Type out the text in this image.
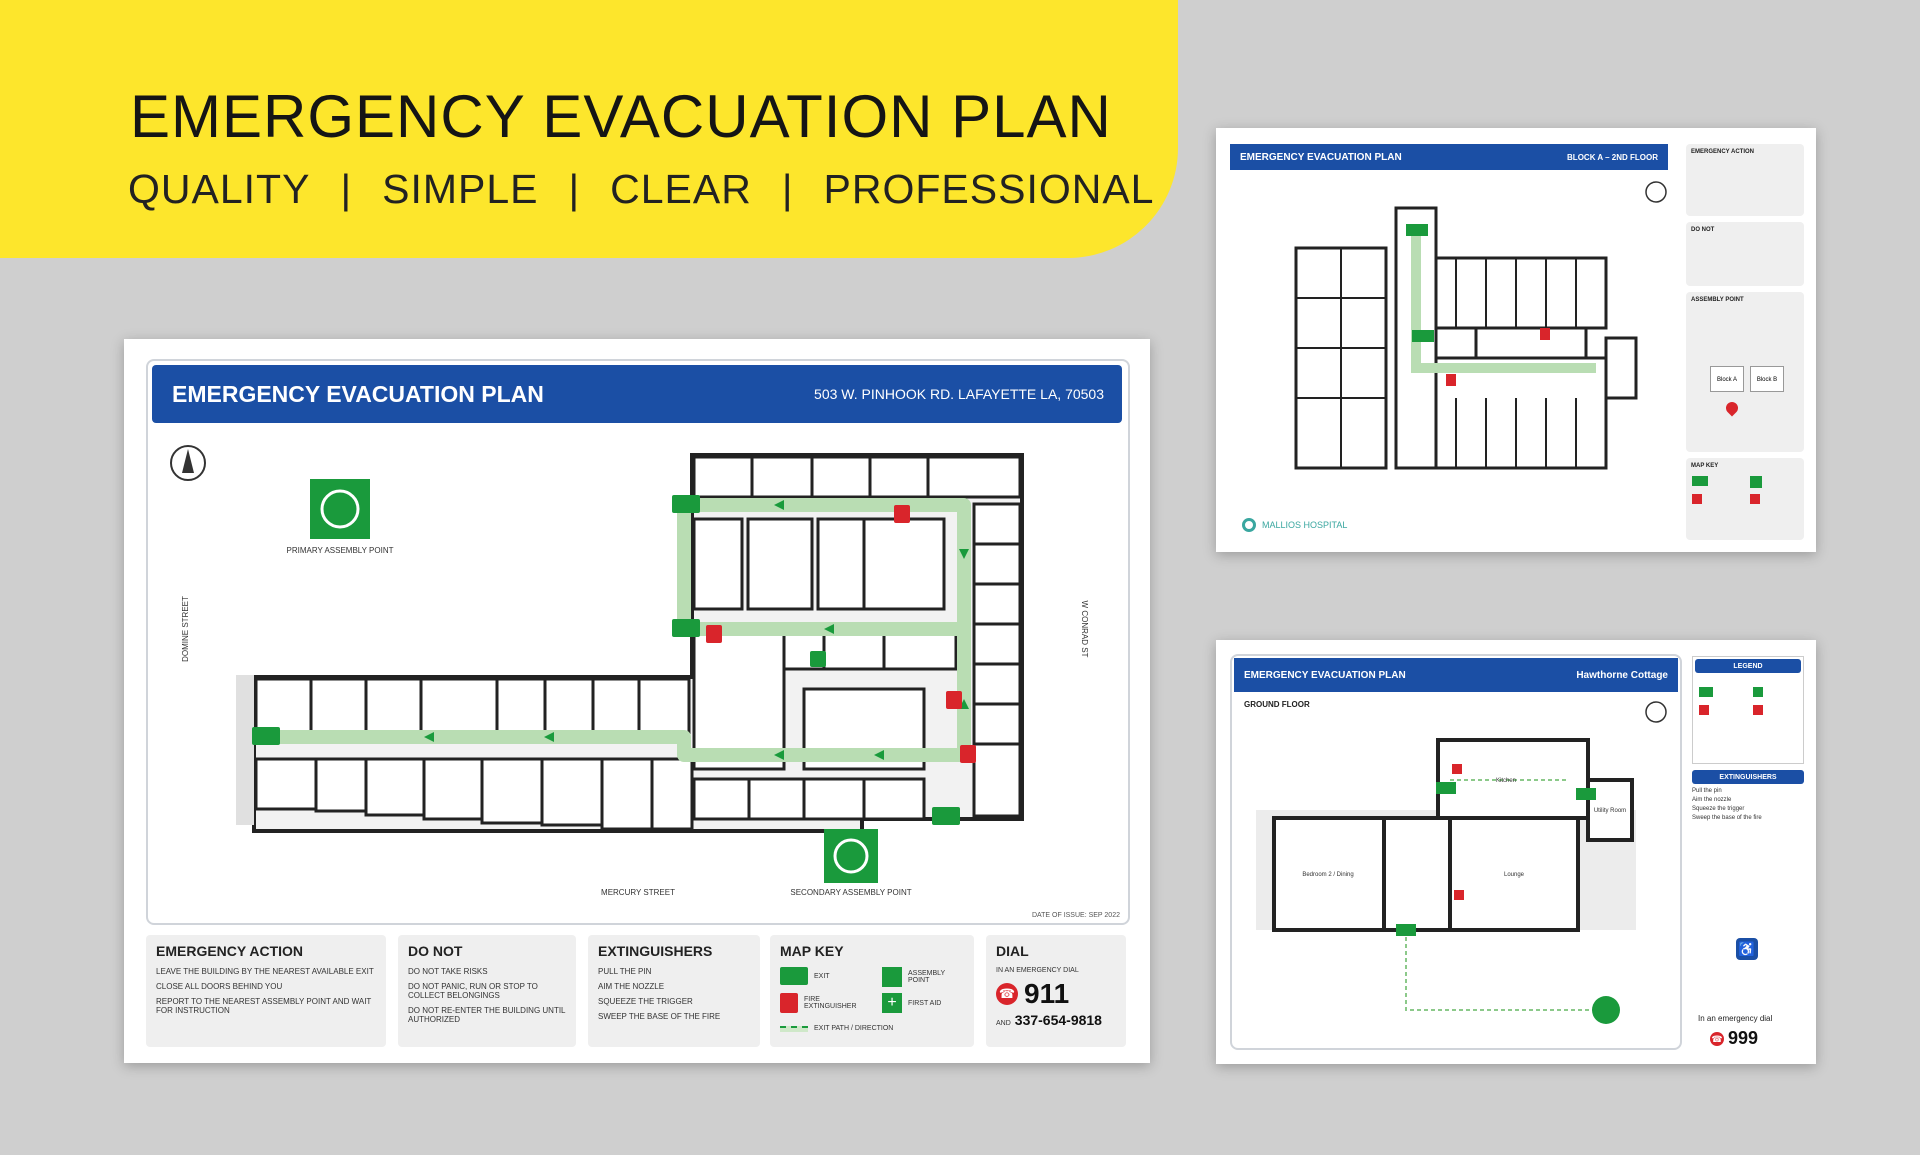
EMERGENCY EVACUATION PLAN
QUALITY | SIMPLE | CLEAR | PROFESSIONAL
EMERGENCY EVACUATION PLAN	503 W. PINHOOK RD. LAFAYETTE LA, 70503
PRIMARY ASSEMBLY POINT
SECONDARY ASSEMBLY POINT
MERCURY STREET
DOMINE STREET	W CONRAD ST
DATE OF ISSUE: SEP 2022
EMERGENCY ACTION
LEAVE THE BUILDING BY THE NEAREST AVAILABLE EXIT
CLOSE ALL DOORS BEHIND YOU
REPORT TO THE NEAREST ASSEMBLY POINT AND WAIT FOR INSTRUCTION
DO NOT
DO NOT TAKE RISKS
DO NOT PANIC, RUN OR STOP TO COLLECT BELONGINGS
DO NOT RE-ENTER THE BUILDING UNTIL AUTHORIZED
EXTINGUISHERS
PULL THE PIN
AIM THE NOZZLE
SQUEEZE THE TRIGGER
SWEEP THE BASE OF THE FIRE
MAP KEY
EXIT
FIRE EXTINGUISHER
ASSEMBLY POINT
+	FIRST AID
EXIT PATH / DIRECTION
DIAL
IN AN EMERGENCY DIAL
☎ 911
AND 337-654-9818
EMERGENCY EVACUATION PLAN	BLOCK A – 2ND FLOOR
MALLIOS HOSPITAL
EMERGENCY ACTION
DO NOT
ASSEMBLY POINT
Block A	Block B
MAP KEY
EMERGENCY EVACUATION PLAN	Hawthorne Cottage
GROUND FLOOR
Bedroom 2 / Dining	Lounge
Kitchen
Utility Room
LEGEND
EXTINGUISHERS
Pull the pin
Aim the nozzle
Squeeze the trigger
Sweep the base of the fire
♿
In an emergency dial
☎ 999
